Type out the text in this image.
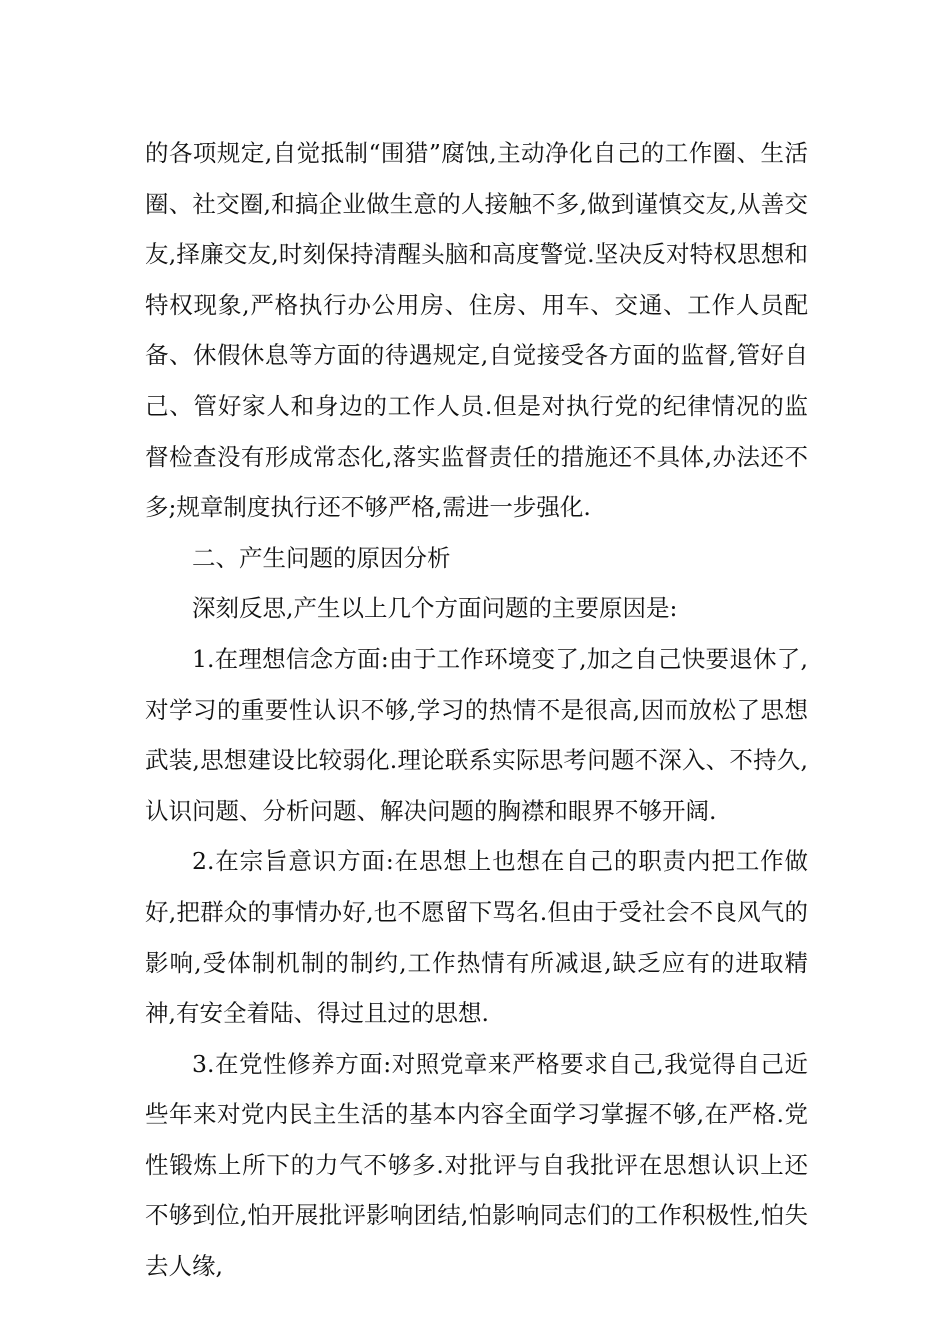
的各项规定,自觉抵制“围猎”腐蚀,主动净化自己的工作圈、生活圈、社交圈,和搞企业做生意的人接触不多,做到谨慎交友,从善交友,择廉交友,时刻保持清醒头脑和高度警觉.坚决反对特权思想和特权现象,严格执行办公用房、住房、用车、交通、工作人员配备、休假休息等方面的待遇规定,自觉接受各方面的监督,管好自己、管好家人和身边的工作人员.但是对执行党的纪律情况的监督检查没有形成常态化,落实监督责任的措施还不具体,办法还不多;规章制度执行还不够严格,需进一步强化.

二、产生问题的原因分析

深刻反思,产生以上几个方面问题的主要原因是:

1.在理想信念方面:由于工作环境变了,加之自己快要退休了,对学习的重要性认识不够,学习的热情不是很高,因而放松了思想武装,思想建设比较弱化.理论联系实际思考问题不深入、不持久,认识问题、分析问题、解决问题的胸襟和眼界不够开阔.

2.在宗旨意识方面:在思想上也想在自己的职责内把工作做好,把群众的事情办好,也不愿留下骂名.但由于受社会不良风气的影响,受体制机制的制约,工作热情有所减退,缺乏应有的进取精神,有安全着陆、得过且过的思想.

3.在党性修养方面:对照党章来严格要求自己,我觉得自己近些年来对党内民主生活的基本内容全面学习掌握不够,在严格.党性锻炼上所下的力气不够多.对批评与自我批评在思想认识上还不够到位,怕开展批评影响团结,怕影响同志们的工作积极性,怕失去人缘,
